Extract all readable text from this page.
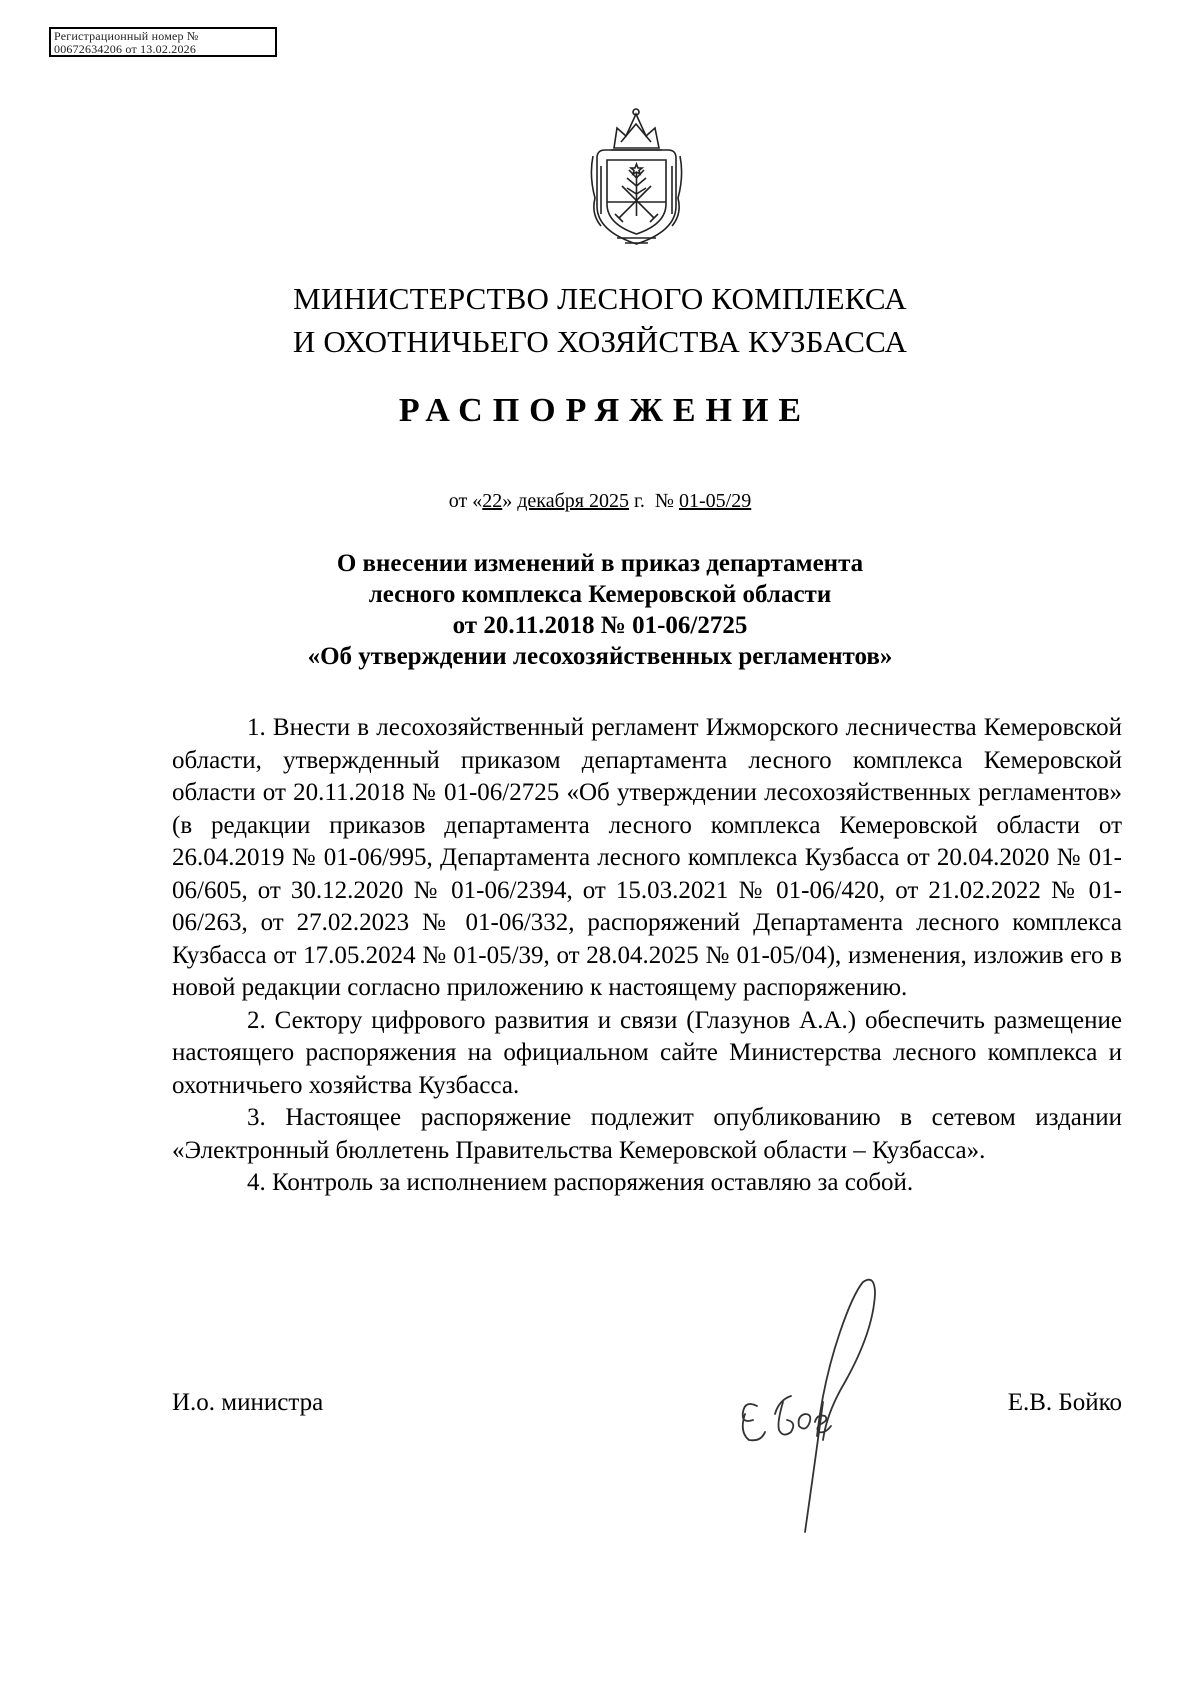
Регистрационный номер №
00672634206 от 13.02.2026
МИНИСТЕРСТВО ЛЕСНОГО КОМПЛЕКСА
И ОХОТНИЧЬЕГО ХОЗЯЙСТВА КУЗБАССА
РАСПОРЯЖЕНИЕ
от «22» декабря 2025 г.  № 01-05/29
О внесении изменений в приказ департамента
лесного комплекса Кемеровской области
от 20.11.2018 № 01-06/2725
«Об утверждении лесохозяйственных регламентов»

1. Внести в лесохозяйственный регламент Ижморского лесничества Кемеровской области, утвержденный приказом департамента лесного комплекса Кемеровской области от 20.11.2018 № 01-06/2725 «Об утверждении лесохозяйственных регламентов» (в редакции приказов департамента лесного комплекса Кемеровской области от 26.04.2019 № 01-06/995, Департамента лесного комплекса Кузбасса от 20.04.2020 № 01-06/605, от 30.12.2020 № 01-06/2394, от 15.03.2021 № 01-06/420, от 21.02.2022 № 01-06/263, от 27.02.2023 № 01-06/332, распоряжений Департамента лесного комплекса Кузбасса от 17.05.2024 № 01-05/39, от 28.04.2025 № 01-05/04), изменения, изложив его в новой редакции согласно приложению к настоящему распоряжению.

2. Сектору цифрового развития и связи (Глазунов А.А.) обеспечить размещение настоящего распоряжения на официальном сайте Министерства лесного комплекса и охотничьего хозяйства Кузбасса.

3. Настоящее распоряжение подлежит опубликованию в сетевом издании «Электронный бюллетень Правительства Кемеровской области – Кузбасса».

4. Контроль за исполнением распоряжения оставляю за собой.

И.о. министра	Е.В. Бойко
